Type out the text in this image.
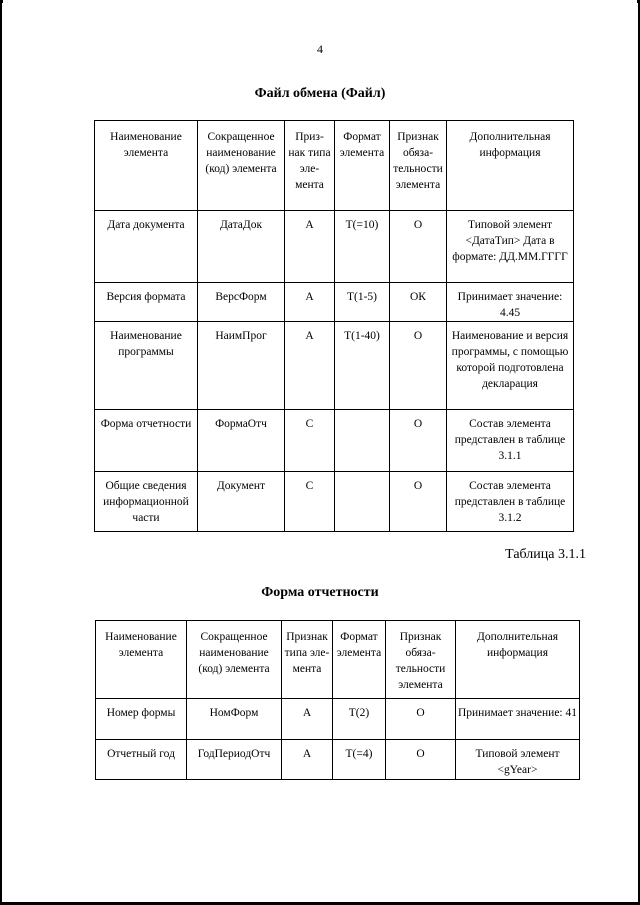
4
Файл обмена (Файл)
Наименование элемента	Сокращенное наименование (код) элемента	Приз- нак типа эле- мента	Формат элемента	Признак обяза- тельности элемента	Дополнительная информация
Дата документа	ДатаДок	А	Т(=10)	О	Типовой элемент <ДатаТип> Дата в формате: ДД.ММ.ГГГГ
Версия формата	ВерсФорм	А	Т(1-5)	ОК	Принимает значение: 4.45
Наименование программы	НаимПрог	А	Т(1-40)	О	Наименование и версия программы, с помощью которой подготовлена декларация
Форма отчетности	ФормаОтч	С		О	Состав элемента представлен в таблице 3.1.1
Общие сведения информационной части	Документ	С		О	Состав элемента представлен в таблице 3.1.2
Таблица 3.1.1
Форма отчетности
Наименование элемента	Сокращенное наименование (код) элемента	Признак типа эле- мента	Формат элемента	Признак обяза- тельности элемента	Дополнительная информация
Номер формы	НомФорм	А	Т(2)	О	Принимает значение: 41
Отчетный год	ГодПериодОтч	А	Т(=4)	О	Типовой элемент <gYear>
